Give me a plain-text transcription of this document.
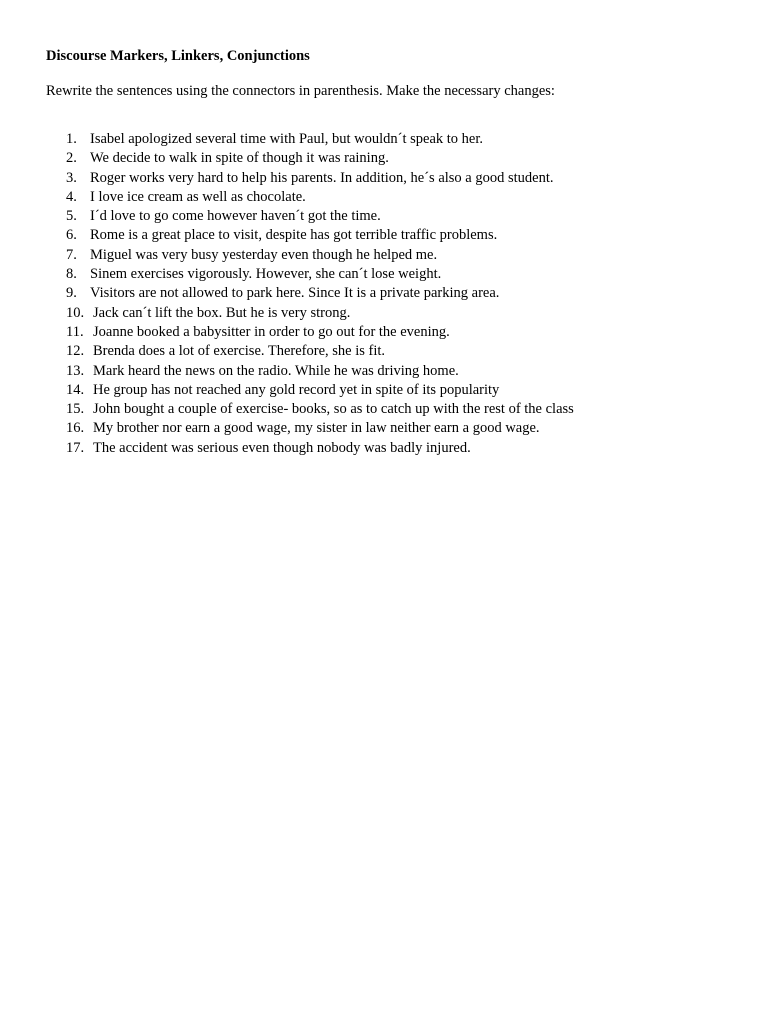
Discourse Markers, Linkers, Conjunctions
Rewrite the sentences using the connectors in parenthesis. Make the necessary changes:
1. Isabel apologized several time with Paul, but wouldn´t speak to her.
2. We decide to walk in spite of though it was raining.
3. Roger works very hard to help his parents. In addition, he´s also a good student.
4. I love ice cream as well as chocolate.
5. I´d love to go come however haven´t got the time.
6. Rome is a great place to visit, despite has got terrible traffic problems.
7. Miguel was very busy yesterday even though he helped me.
8. Sinem exercises vigorously. However, she can´t lose weight.
9. Visitors are not allowed to park here. Since It is a private parking area.
10. Jack can´t lift the box. But he is very strong.
11. Joanne booked a babysitter in order to go out for the evening.
12. Brenda does a lot of exercise. Therefore, she is fit.
13. Mark heard the news on the radio. While he was driving home.
14. He group has not reached any gold record yet in spite of its popularity
15. John bought a couple of exercise- books, so as to catch up with the rest of the class
16. My brother nor earn a good wage, my sister in law neither earn a good wage.
17. The accident was serious even though nobody was badly injured.
